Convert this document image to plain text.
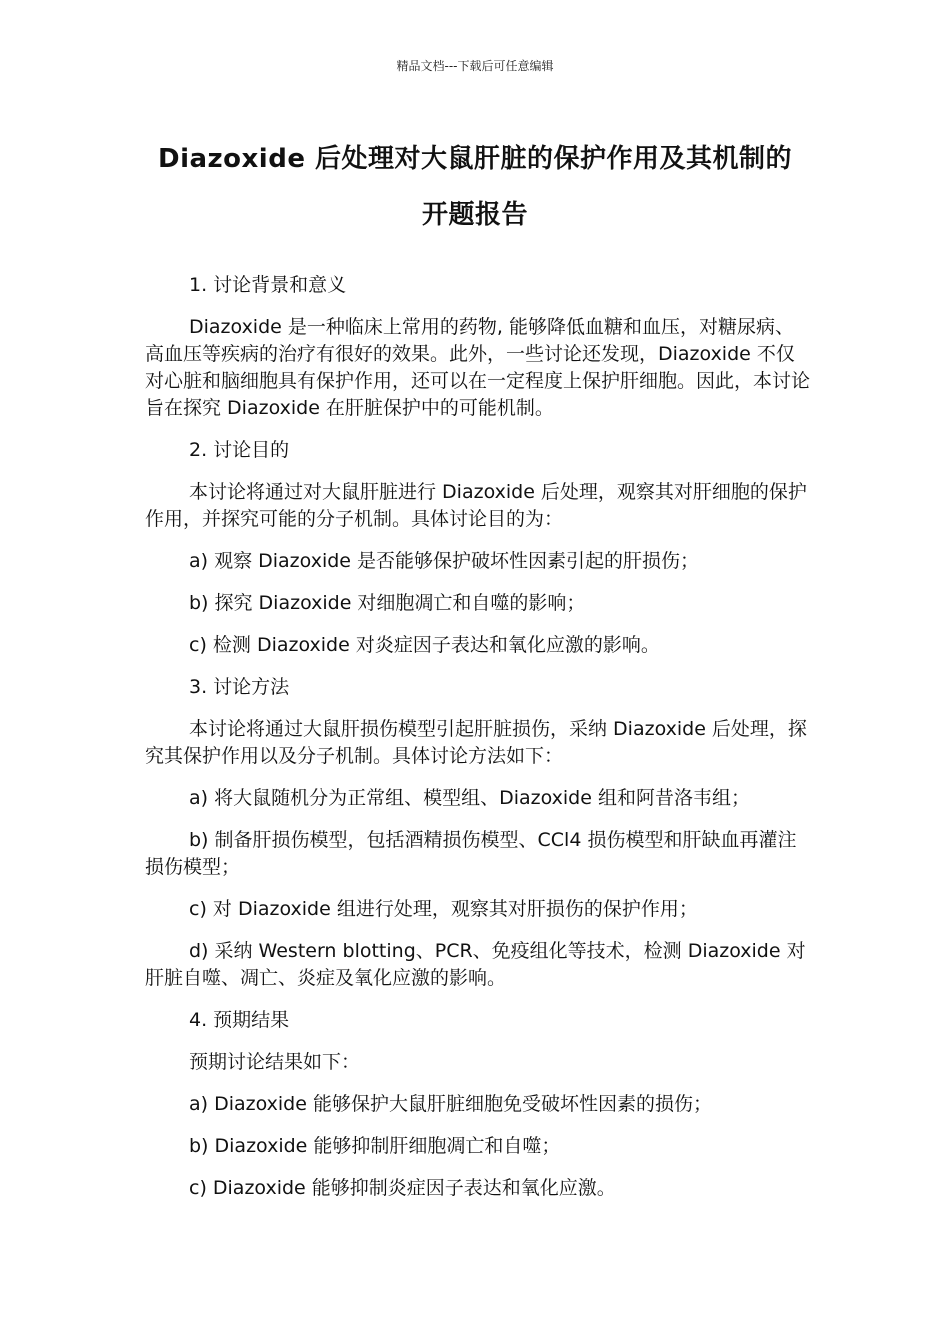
精品文档---下载后可任意编辑
Diazoxide 后处理对大鼠肝脏的保护作用及其机制的
开题报告

1. 讨论背景和意义

Diazoxide 是一种临床上常用的药物, 能够降低血糖和血压，对糖尿病、高血压等疾病的治疗有很好的效果。此外，一些讨论还发现，Diazoxide 不仅对心脏和脑细胞具有保护作用，还可以在一定程度上保护肝细胞。因此，本讨论旨在探究 Diazoxide 在肝脏保护中的可能机制。

2. 讨论目的

本讨论将通过对大鼠肝脏进行 Diazoxide 后处理，观察其对肝细胞的保护作用，并探究可能的分子机制。具体讨论目的为：

a) 观察 Diazoxide 是否能够保护破坏性因素引起的肝损伤；

b) 探究 Diazoxide 对细胞凋亡和自噬的影响；

c) 检测 Diazoxide 对炎症因子表达和氧化应激的影响。

3. 讨论方法

本讨论将通过大鼠肝损伤模型引起肝脏损伤，采纳 Diazoxide 后处理，探究其保护作用以及分子机制。具体讨论方法如下：

a) 将大鼠随机分为正常组、模型组、Diazoxide 组和阿昔洛韦组；

b) 制备肝损伤模型，包括酒精损伤模型、CCl4 损伤模型和肝缺血再灌注损伤模型；

c) 对 Diazoxide 组进行处理，观察其对肝损伤的保护作用；

d) 采纳 Western blotting、PCR、免疫组化等技术，检测 Diazoxide 对肝脏自噬、凋亡、炎症及氧化应激的影响。

4. 预期结果

预期讨论结果如下：

a) Diazoxide 能够保护大鼠肝脏细胞免受破坏性因素的损伤；

b) Diazoxide 能够抑制肝细胞凋亡和自噬；

c) Diazoxide 能够抑制炎症因子表达和氧化应激。
